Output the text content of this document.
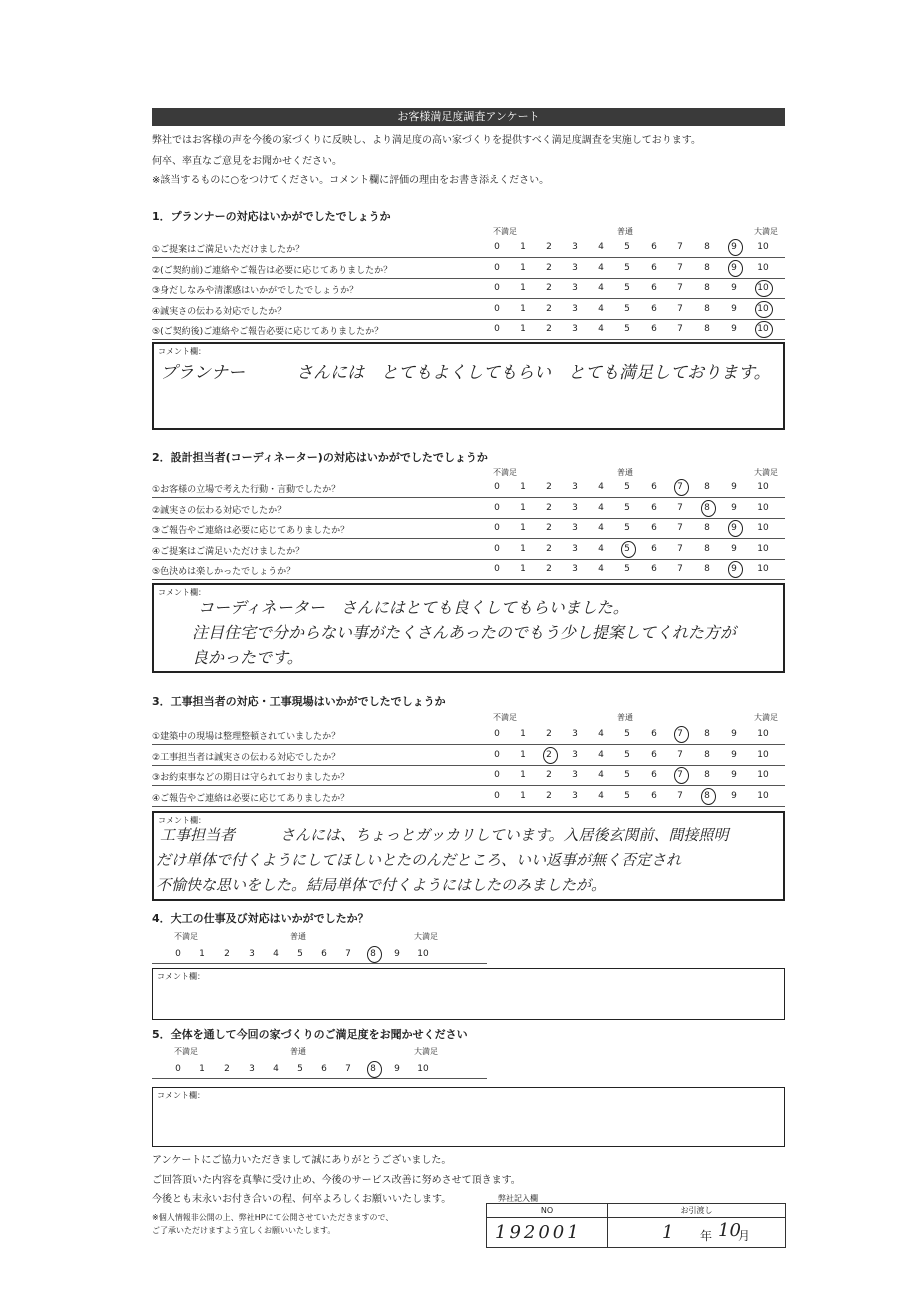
お客様満足度調査アンケート
弊社ではお客様の声を今後の家づくりに反映し、より満足度の高い家づくりを提供すべく満足度調査を実施しております。
何卒、率直なご意見をお聞かせください。
※該当するものに○をつけてください。コメント欄に評価の理由をお書き添えください。
1．プランナーの対応はいかがでしたでしょうか
不満足	普通	大満足
①ご提案はご満足いただけましたか？	0	1	2	3	4	5	6	7	8	9	10
②(ご契約前)ご連絡やご報告は必要に応じてありましたか？	0	1	2	3	4	5	6	7	8	9	10
③身だしなみや清潔感はいかがでしたでしょうか？	0	1	2	3	4	5	6	7	8	9	10
④誠実さの伝わる対応でしたか？	0	1	2	3	4	5	6	7	8	9	10
⑤(ご契約後)ご連絡やご報告必要に応じてありましたか？	0	1	2	3	4	5	6	7	8	9	10
コメント欄：
プランナー　　　さんには　とてもよくしてもらい　とても満足しております。
2．設計担当者(コーディネーター)の対応はいかがでしたでしょうか
不満足	普通	大満足
①お客様の立場で考えた行動・言動でしたか？	0	1	2	3	4	5	6	7	8	9	10
②誠実さの伝わる対応でしたか？	0	1	2	3	4	5	6	7	8	9	10
③ご報告やご連絡は必要に応じてありましたか？	0	1	2	3	4	5	6	7	8	9	10
④ご提案はご満足いただけましたか？	0	1	2	3	4	5	6	7	8	9	10
⑤色決めは楽しかったでしょうか？	0	1	2	3	4	5	6	7	8	9	10
コメント欄：
コーディネーター　さんにはとても良くしてもらいました。
注目住宅で分からない事がたくさんあったのでもう少し提案してくれた方が
良かったです。
3．工事担当者の対応・工事現場はいかがでしたでしょうか
不満足	普通	大満足
①建築中の現場は整理整頓されていましたか？	0	1	2	3	4	5	6	7	8	9	10
②工事担当者は誠実さの伝わる対応でしたか？	0	1	2	3	4	5	6	7	8	9	10
③お約束事などの期日は守られておりましたか？	0	1	2	3	4	5	6	7	8	9	10
④ご報告やご連絡は必要に応じてありましたか？	0	1	2	3	4	5	6	7	8	9	10
コメント欄：
工事担当者　　　さんには、ちょっとガッカリしています。入居後玄関前、間接照明
だけ単体で付くようにしてほしいとたのんだところ、いい返事が無く否定され
不愉快な思いをした。結局単体で付くようにはしたのみましたが。
4．大工の仕事及び対応はいかがでしたか？
不満足	普通	大満足
0	1	2	3	4	5	6	7	8	9	10
コメント欄：
5．全体を通して今回の家づくりのご満足度をお聞かせください
不満足	普通	大満足
0	1	2	3	4	5	6	7	8	9	10
コメント欄：
アンケートにご協力いただきまして誠にありがとうございました。
ご回答頂いた内容を真摯に受け止め、今後のサービス改善に努めさせて頂きます。
今後とも末永いお付き合いの程、何卒よろしくお願いいたします。
※個人情報非公開の上、弊社HPにて公開させていただきますので、
ご了承いただけますよう宜しくお願いいたします。
弊社記入欄
NO	お引渡し

192001	1 年 10
月
